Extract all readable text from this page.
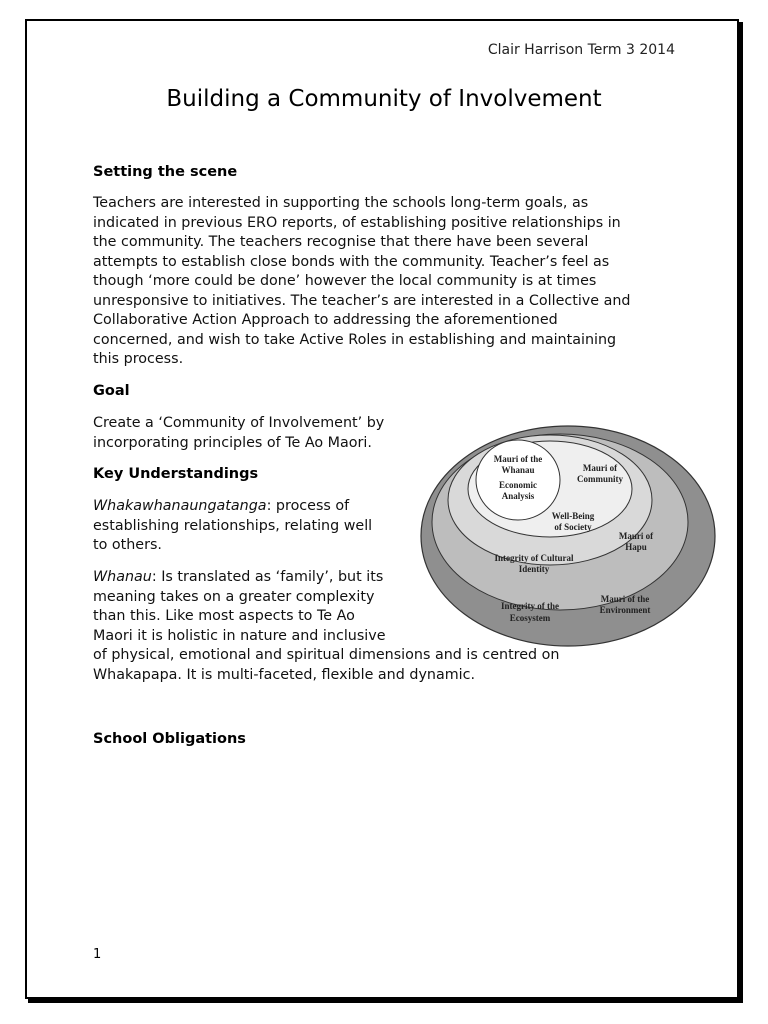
Clair Harrison Term 3 2014
Building a Community of Involvement
Setting the scene
Teachers are interested in supporting the schools long-term goals, as
indicated in previous ERO reports, of establishing positive relationships in
the community. The teachers recognise that there have been several
attempts to establish close bonds with the community. Teacher’s feel as
though ‘more could be done’ however the local community is at times
unresponsive to initiatives. The teacher’s are interested in a Collective and
Collaborative Action Approach to addressing the aforementioned
concerned, and wish to take Active Roles in establishing and maintaining
this process.
Goal
Create a ‘Community of Involvement’ by
incorporating principles of Te Ao Maori.
Key Understandings
Whakawhanaungatanga: process of
establishing relationships, relating well
to others.
Whanau: Is translated as ‘family’, but its
meaning takes on a greater complexity
than this. Like most aspects to Te Ao
Maori it is holistic in nature and inclusive
of physical, emotional and spiritual dimensions and is centred on
Whakapapa. It is multi-faceted, flexible and dynamic.
Mauri of the
Whanau
Economic
Analysis
Mauri of
Community
Well-Being
of Society
Mauri of
Hapu
Integrity of Cultural
Identity
Integrity of the
Ecosystem
Mauri of the
Environment
School Obligations
1
